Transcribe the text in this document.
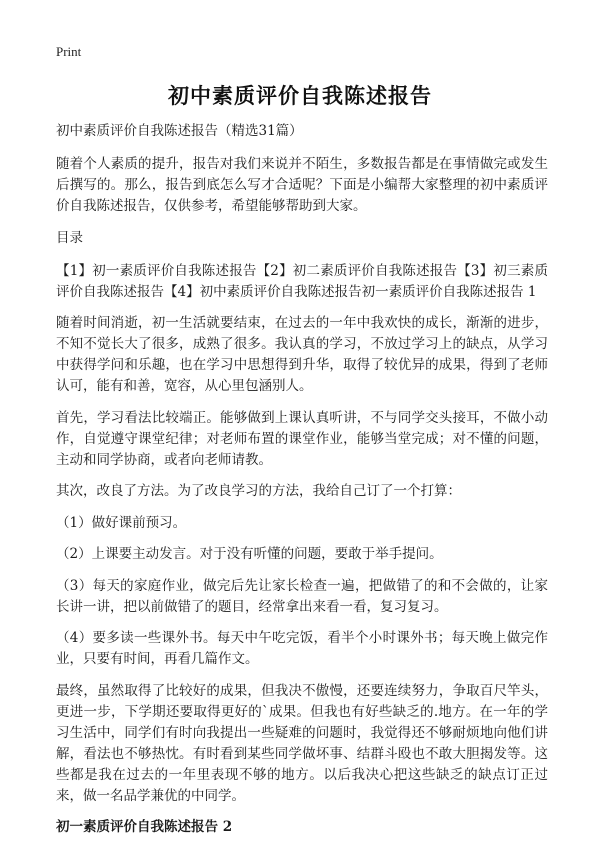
Print
初中素质评价自我陈述报告

初中素质评价自我陈述报告（精选31篇）

随着个人素质的提升，报告对我们来说并不陌生，多数报告都是在事情做完或发生后撰写的。那么，报告到底怎么写才合适呢？下面是小编帮大家整理的初中素质评价自我陈述报告，仅供参考，希望能够帮助到大家。

目录

【1】初一素质评价自我陈述报告【2】初二素质评价自我陈述报告【3】初三素质评价自我陈述报告【4】初中素质评价自我陈述报告初一素质评价自我陈述报告 1

随着时间消逝，初一生活就要结束，在过去的一年中我欢快的成长，渐渐的进步，不知不觉长大了很多，成熟了很多。我认真的学习，不放过学习上的缺点，从学习中获得学问和乐趣，也在学习中思想得到升华，取得了较优异的成果，得到了老师认可，能有和善，宽容，从心里包涵别人。

首先，学习看法比较端正。能够做到上课认真听讲，不与同学交头接耳，不做小动作，自觉遵守课堂纪律；对老师布置的课堂作业，能够当堂完成；对不懂的问题，主动和同学协商，或者向老师请教。

其次，改良了方法。为了改良学习的方法，我给自己订了一个打算：

（1）做好课前预习。

（2）上课要主动发言。对于没有听懂的问题，要敢于举手提问。

（3）每天的家庭作业，做完后先让家长检查一遍，把做错了的和不会做的，让家长讲一讲，把以前做错了的题目，经常拿出来看一看，复习复习。

（4）要多读一些课外书。每天中午吃完饭，看半个小时课外书；每天晚上做完作业，只要有时间，再看几篇作文。

最终，虽然取得了比较好的成果，但我决不傲慢，还要连续努力，争取百尺竿头，更进一步，下学期还要取得更好的`成果。但我也有好些缺乏的.地方。在一年的学习生活中，同学们有时向我提出一些疑难的问题时，我觉得还不够耐烦地向他们讲解，看法也不够热忱。有时看到某些同学做坏事、结群斗殴也不敢大胆揭发等。这些都是我在过去的一年里表现不够的地方。以后我决心把这些缺乏的缺点订正过来，做一名品学兼优的中同学。

初一素质评价自我陈述报告 2
